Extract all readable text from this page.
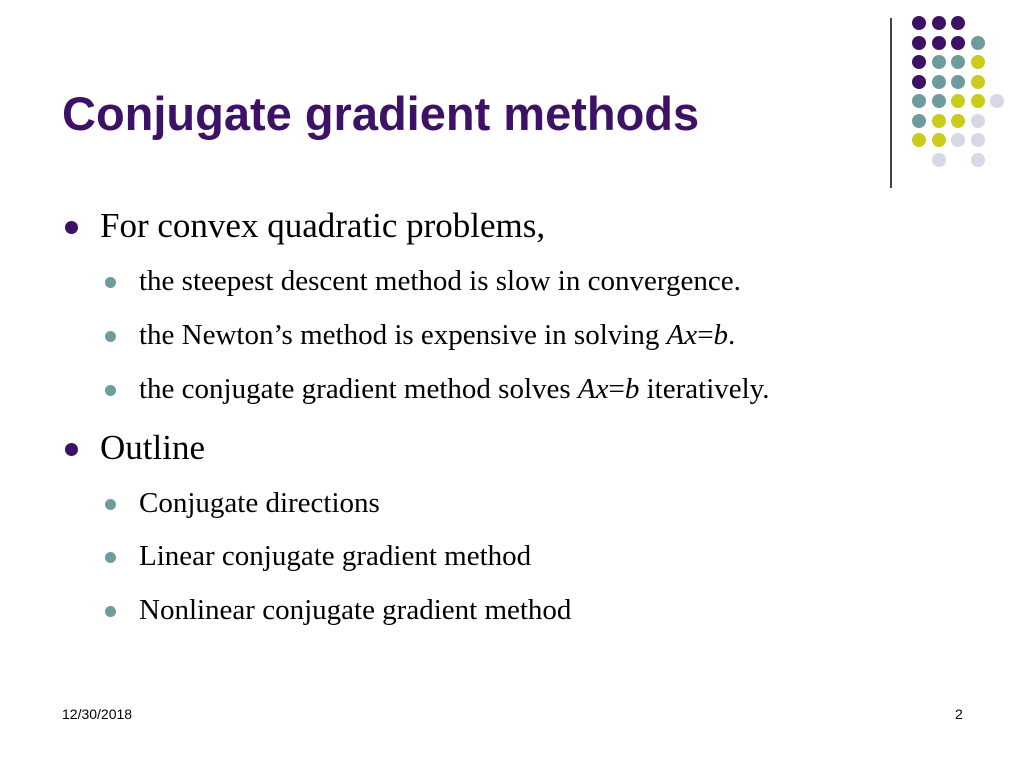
Conjugate gradient methods
For convex quadratic problems,
the steepest descent method is slow in convergence.
the Newton’s method is expensive in solving Ax=b.
the conjugate gradient method solves Ax=b iteratively.
Outline
Conjugate directions
Linear conjugate gradient method
Nonlinear conjugate gradient method
12/30/2018	2
